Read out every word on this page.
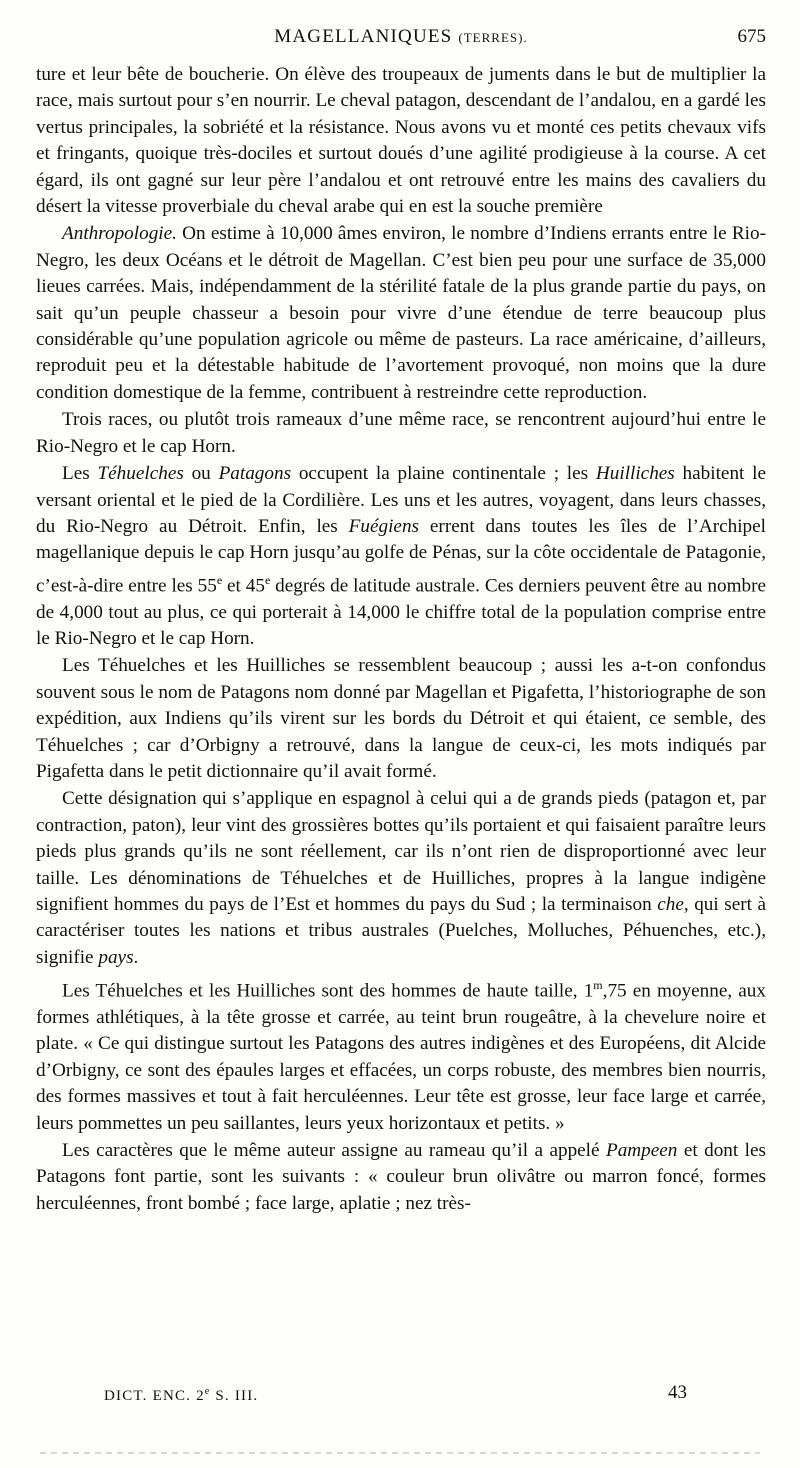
MAGELLANIQUES (TERRES).	675

ture et leur bête de boucherie. On élève des troupeaux de juments dans le but de multiplier la race, mais surtout pour s’en nourrir. Le cheval patagon, descendant de l’andalou, en a gardé les vertus principales, la sobriété et la résistance. Nous avons vu et monté ces petits chevaux vifs et fringants, quoique très-dociles et surtout doués d’une agilité prodigieuse à la course. A cet égard, ils ont gagné sur leur père l’andalou et ont retrouvé entre les mains des cavaliers du désert la vitesse proverbiale du cheval arabe qui en est la souche première

Anthropologie. On estime à 10,000 âmes environ, le nombre d’Indiens errants entre le Rio-Negro, les deux Océans et le détroit de Magellan. C’est bien peu pour une surface de 35,000 lieues carrées. Mais, indépendamment de la stérilité fatale de la plus grande partie du pays, on sait qu’un peuple chasseur a besoin pour vivre d’une étendue de terre beaucoup plus considérable qu’une population agricole ou même de pasteurs. La race américaine, d’ailleurs, reproduit peu et la détestable habitude de l’avortement provoqué, non moins que la dure condition domestique de la femme, contribuent à restreindre cette reproduction.

Trois races, ou plutôt trois rameaux d’une même race, se rencontrent aujourd’hui entre le Rio-Negro et le cap Horn.

Les Téhuelches ou Patagons occupent la plaine continentale ; les Huilliches habitent le versant oriental et le pied de la Cordilière. Les uns et les autres, voyagent, dans leurs chasses, du Rio-Negro au Détroit. Enfin, les Fuégiens errent dans toutes les îles de l’Archipel magellanique depuis le cap Horn jusqu’au golfe de Pénas, sur la côte occidentale de Patagonie, c’est-à-dire entre les 55e et 45e degrés de latitude australe. Ces derniers peuvent être au nombre de 4,000 tout au plus, ce qui porterait à 14,000 le chiffre total de la population comprise entre le Rio-Negro et le cap Horn.

Les Téhuelches et les Huilliches se ressemblent beaucoup ; aussi les a-t-on confondus souvent sous le nom de Patagons nom donné par Magellan et Pigafetta, l’historiographe de son expédition, aux Indiens qu’ils virent sur les bords du Détroit et qui étaient, ce semble, des Téhuelches ; car d’Orbigny a retrouvé, dans la langue de ceux-ci, les mots indiqués par Pigafetta dans le petit dictionnaire qu’il avait formé.

Cette désignation qui s’applique en espagnol à celui qui a de grands pieds (patagon et, par contraction, paton), leur vint des grossières bottes qu’ils portaient et qui faisaient paraître leurs pieds plus grands qu’ils ne sont réellement, car ils n’ont rien de disproportionné avec leur taille. Les dénominations de Téhuelches et de Huilliches, propres à la langue indigène signifient hommes du pays de l’Est et hommes du pays du Sud ; la terminaison che, qui sert à caractériser toutes les nations et tribus australes (Puelches, Molluches, Péhuenches, etc.), signifie pays.

Les Téhuelches et les Huilliches sont des hommes de haute taille, 1$^m$,75 en moyenne, aux formes athlétiques, à la tête grosse et carrée, au teint brun rougeâtre, à la chevelure noire et plate. « Ce qui distingue surtout les Patagons des autres indigènes et des Européens, dit Alcide d’Orbigny, ce sont des épaules larges et effacées, un corps robuste, des membres bien nourris, des formes massives et tout à fait herculéennes. Leur tête est grosse, leur face large et carrée, leurs pommettes un peu saillantes, leurs yeux horizontaux et petits. »

Les caractères que le même auteur assigne au rameau qu’il a appelé Pampeen et dont les Patagons font partie, sont les suivants : « couleur brun olivâtre ou marron foncé, formes herculéennes, front bombé ; face large, aplatie ; nez très-

DICT. ENC. 2e S. III.	43
